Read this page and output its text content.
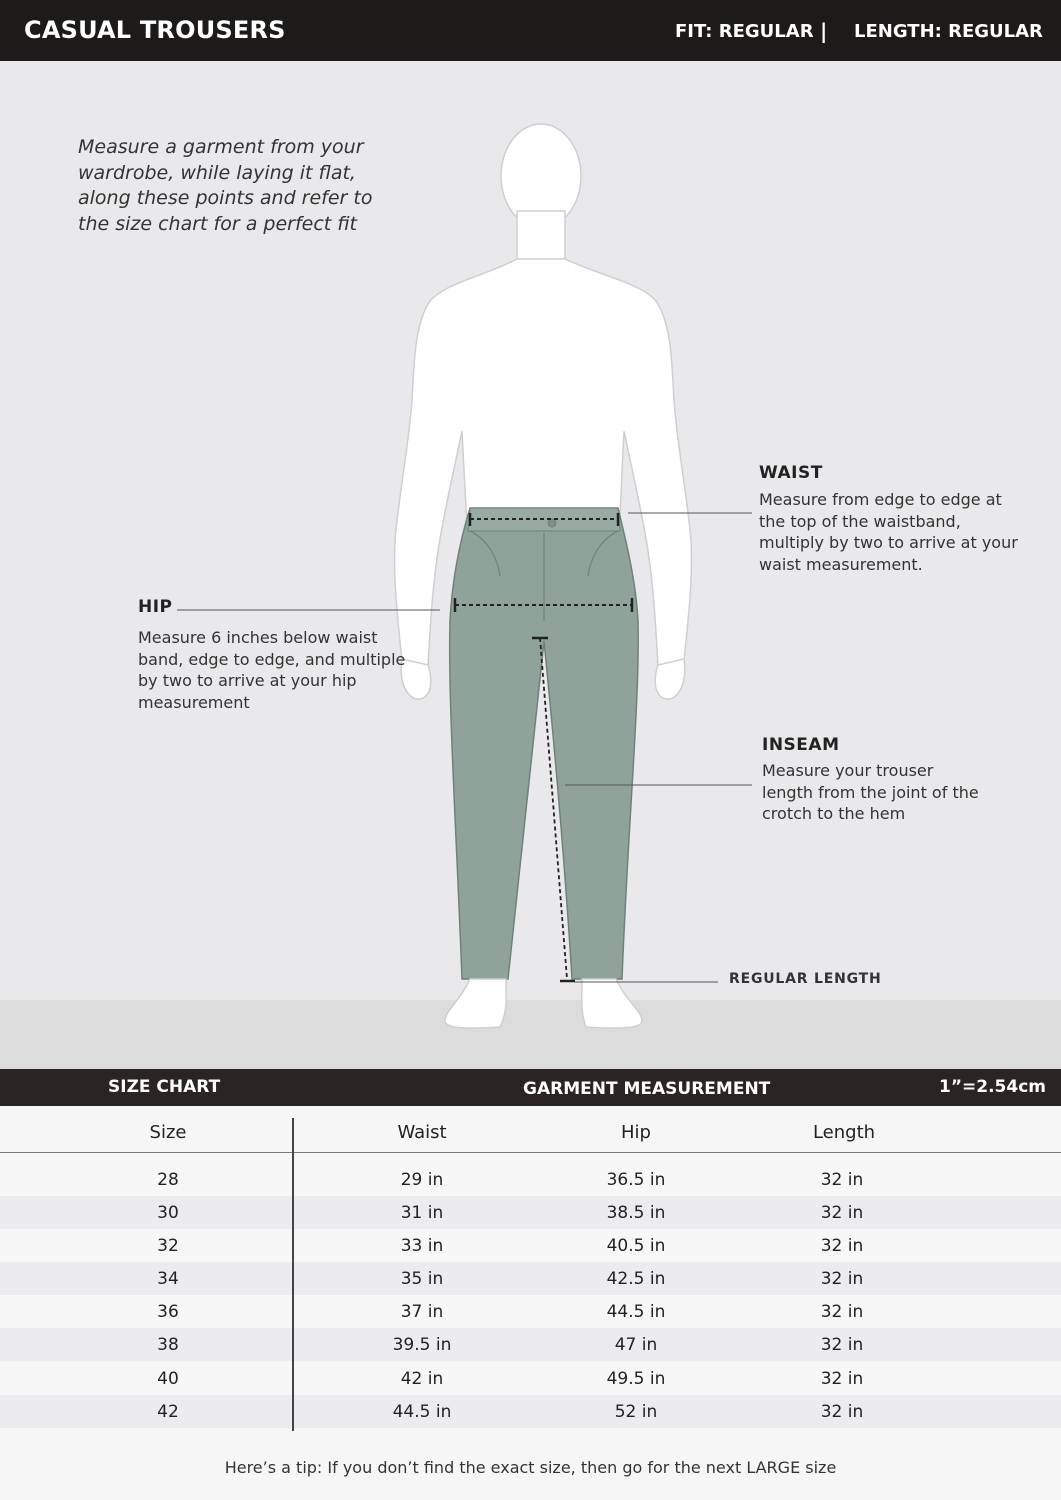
CASUAL TROUSERS	FIT: REGULAR | LENGTH: REGULAR
Measure a garment from your wardrobe, while laying it flat, along these points and refer to the size chart for a perfect fit
WAIST
Measure from edge to edge at the top of the waistband, multiply by two to arrive at your waist measurement.
HIP
Measure 6 inches below waist band, edge to edge, and multiple by two to arrive at your hip measurement
INSEAM
Measure your trouser length from the joint of the crotch to the hem
REGULAR LENGTH
SIZE CHART	GARMENT MEASUREMENT	1”=2.54cm
Size	Waist	Hip	Length
28	29 in	36.5 in	32 in
30	31 in	38.5 in	32 in
32	33 in	40.5 in	32 in
34	35 in	42.5 in	32 in
36	37 in	44.5 in	32 in
38	39.5 in	47 in	32 in
40	42 in	49.5 in	32 in
42	44.5 in	52 in	32 in
Here’s a tip: If you don’t find the exact size, then go for the next LARGE size
